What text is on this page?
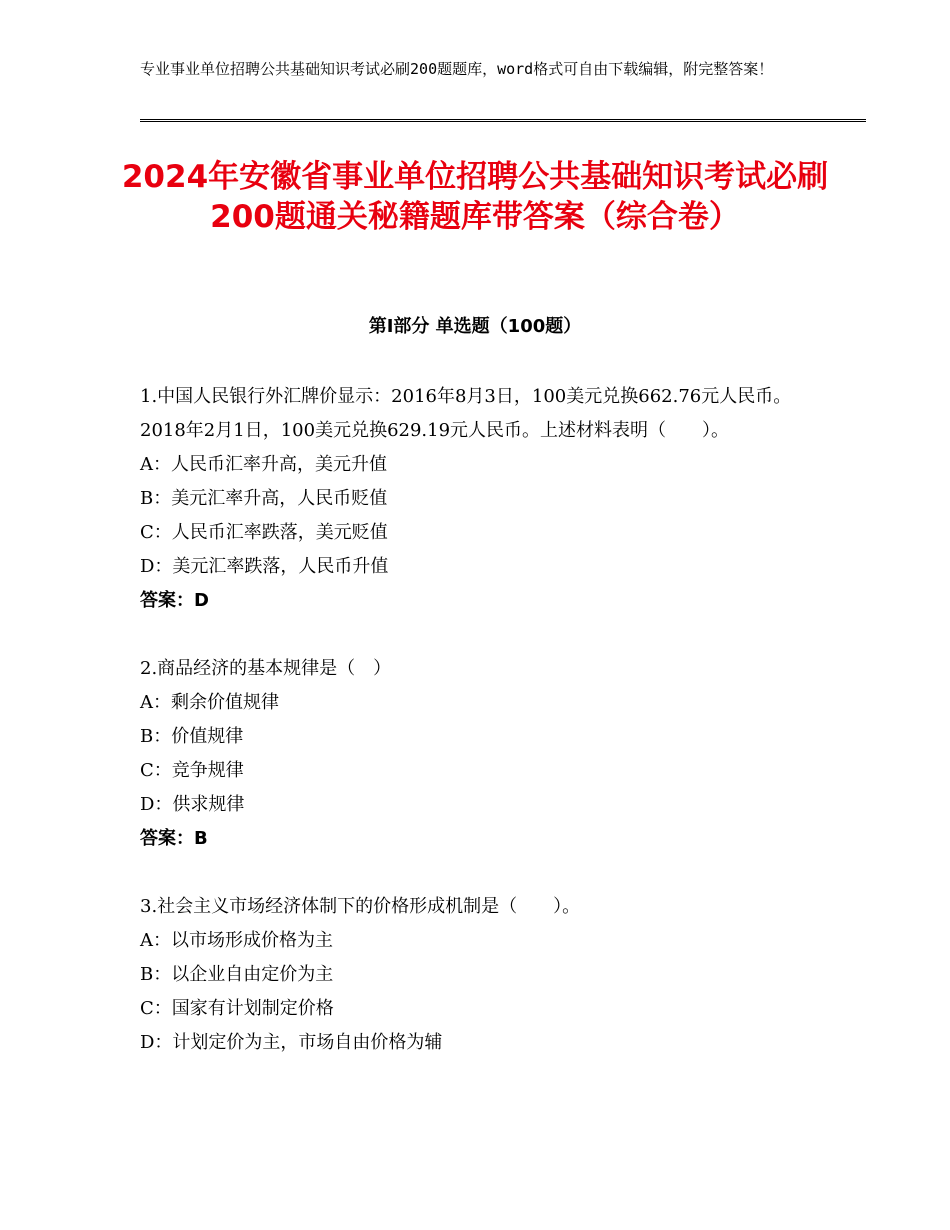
专业事业单位招聘公共基础知识考试必刷200题题库，word格式可自由下载编辑，附完整答案！
2024年安徽省事业单位招聘公共基础知识考试必刷200题通关秘籍题库带答案（综合卷）
第Ⅰ部分 单选题（100题）
1.中国人民银行外汇牌价显示：2016年8月3日，100美元兑换662.76元人民币。2018年2月1日，100美元兑换629.19元人民币。上述材料表明（　　）。
A：人民币汇率升高，美元升值
B：美元汇率升高，人民币贬值
C：人民币汇率跌落，美元贬值
D：美元汇率跌落，人民币升值
答案：D
2.商品经济的基本规律是（　）
A：剩余价值规律
B：价值规律
C：竞争规律
D：供求规律
答案：B
3.社会主义市场经济体制下的价格形成机制是（　　）。
A：以市场形成价格为主
B：以企业自由定价为主
C：国家有计划制定价格
D：计划定价为主，市场自由价格为辅
